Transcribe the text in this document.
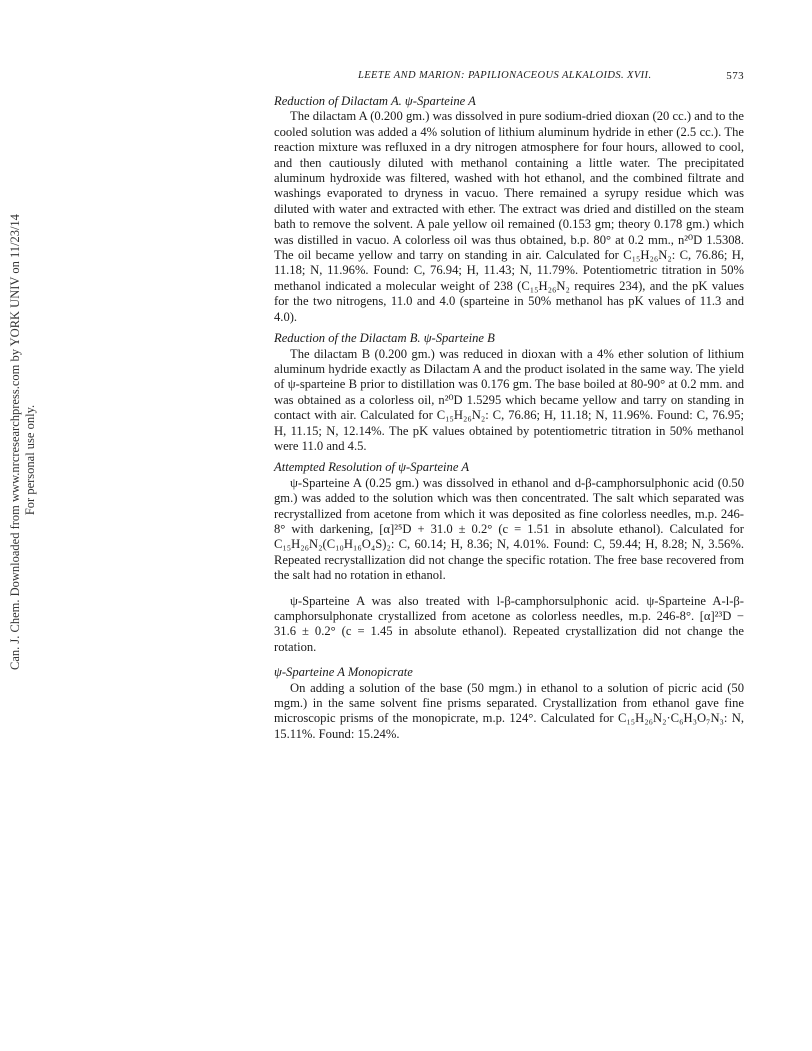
Can. J. Chem. Downloaded from www.nrcresearchpress.com by YORK UNIV on 11/23/14 For personal use only.
LEETE AND MARION: PAPILIONACEOUS ALKALOIDS. XVII.	573

Reduction of Dilactam A. ψ-Sparteine A

The dilactam A (0.200 gm.) was dissolved in pure sodium-dried dioxan (20 cc.) and to the cooled solution was added a 4% solution of lithium aluminum hydride in ether (2.5 cc.). The reaction mixture was refluxed in a dry nitrogen atmosphere for four hours, allowed to cool, and then cautiously diluted with methanol containing a little water. The precipitated aluminum hydroxide was filtered, washed with hot ethanol, and the combined filtrate and washings evaporated to dryness in vacuo. There remained a syrupy residue which was diluted with water and extracted with ether. The extract was dried and distilled on the steam bath to remove the solvent. A pale yellow oil remained (0.153 gm; theory 0.178 gm.) which was distilled in vacuo. A colorless oil was thus obtained, b.p. 80° at 0.2 mm., n²⁰D 1.5308. The oil became yellow and tarry on standing in air. Calculated for C₁₅H₂₆N₂: C, 76.86; H, 11.18; N, 11.96%. Found: C, 76.94; H, 11.43; N, 11.79%. Potentiometric titration in 50% methanol indicated a molecular weight of 238 (C₁₅H₂₆N₂ requires 234), and the pK values for the two nitrogens, 11.0 and 4.0 (sparteine in 50% methanol has pK values of 11.3 and 4.0).

Reduction of the Dilactam B. ψ-Sparteine B

The dilactam B (0.200 gm.) was reduced in dioxan with a 4% ether solution of lithium aluminum hydride exactly as Dilactam A and the product isolated in the same way. The yield of ψ-sparteine B prior to distillation was 0.176 gm. The base boiled at 80-90° at 0.2 mm. and was obtained as a colorless oil, n²⁰D 1.5295 which became yellow and tarry on standing in contact with air. Calculated for C₁₅H₂₆N₂: C, 76.86; H, 11.18; N, 11.96%. Found: C, 76.95; H, 11.15; N, 12.14%. The pK values obtained by potentiometric titration in 50% methanol were 11.0 and 4.5.

Attempted Resolution of ψ-Sparteine A

ψ-Sparteine A (0.25 gm.) was dissolved in ethanol and d-β-camphorsulphonic acid (0.50 gm.) was added to the solution which was then concentrated. The salt which separated was recrystallized from acetone from which it was deposited as fine colorless needles, m.p. 246-8° with darkening, [α]²⁵D + 31.0 ± 0.2° (c = 1.51 in absolute ethanol). Calculated for C₁₅H₂₆N₂(C₁₀H₁₆O₄S)₂: C, 60.14; H, 8.36; N, 4.01%. Found: C, 59.44; H, 8.28; N, 3.56%. Repeated recrystallization did not change the specific rotation. The free base recovered from the salt had no rotation in ethanol.

ψ-Sparteine A was also treated with l-β-camphorsulphonic acid. ψ-Sparteine A-l-β-camphorsulphonate crystallized from acetone as colorless needles, m.p. 246-8°. [α]²³D − 31.6 ± 0.2° (c = 1.45 in absolute ethanol). Repeated crystallization did not change the rotation.

ψ-Sparteine A Monopicrate

On adding a solution of the base (50 mgm.) in ethanol to a solution of picric acid (50 mgm.) in the same solvent fine prisms separated. Crystallization from ethanol gave fine microscopic prisms of the monopicrate, m.p. 124°. Calculated for C₁₅H₂₆N₂·C₆H₃O₇N₃: N, 15.11%. Found: 15.24%.
